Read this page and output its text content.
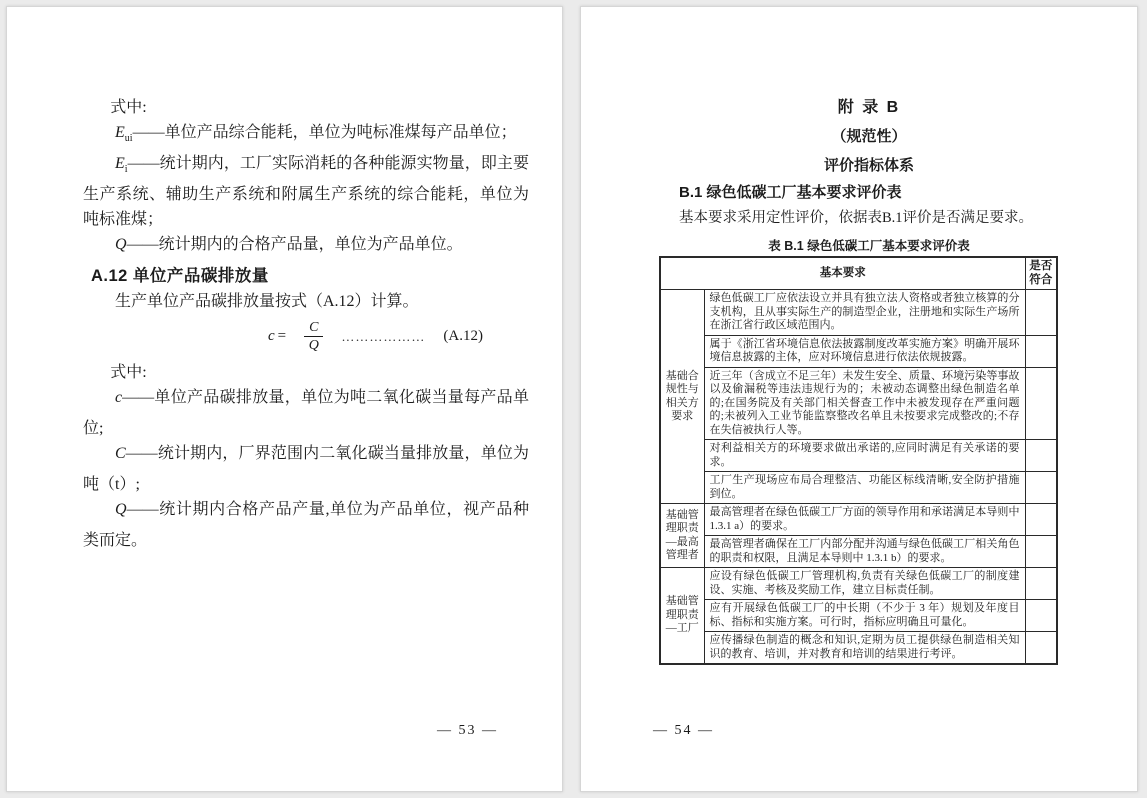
式中:

$E_{ui}——$单位产品综合能耗，单位为吨标准煤每产品单位；

$E_i——$统计期内，工厂实际消耗的各种能源实物量，即主要生产系统、辅助生产系统和附属生产系统的综合能耗，单位为吨标准煤；

Q——统计期内的合格产品量，单位为产品单位。

A.12 单位产品碳排放量

生产单位产品碳排放量按式（A.12）计算。

$c = \frac{C}{Q}$ ……………… (A.12)

式中:

c——单位产品碳排放量，单位为吨二氧化碳当量每产品单位;

C——统计期内，厂界范围内二氧化碳当量排放量，单位为吨（t）;

Q——统计期内合格产品产量,单位为产品单位，视产品种类而定。

— 53 —
附 录 B
（规范性）
评价指标体系
B.1 绿色低碳工厂基本要求评价表

基本要求采用定性评价，依据表B.1评价是否满足要求。

表 B.1 绿色低碳工厂基本要求评价表
基本要求		是否符合
基础合规性与相关方要求	绿色低碳工厂应依法设立并具有独立法人资格或者独立核算的分支机构，且从事实际生产的制造型企业，注册地和实际生产场所在浙江省行政区域范围内。	
	属于《浙江省环境信息依法披露制度改革实施方案》明确开展环境信息披露的主体，应对环境信息进行依法依规披露。	
	近三年（含成立不足三年）未发生安全、质量、环境污染等事故以及偷漏税等违法违规行为的；未被动态调整出绿色制造名单的;在国务院及有关部门相关督查工作中未被发现存在严重问题的;未被列入工业节能监察整改名单且未按要求完成整改的;不存在失信被执行人等。	
	对利益相关方的环境要求做出承诺的,应同时满足有关承诺的要求。	
	工厂生产现场应布局合理整洁、功能区标线清晰,安全防护措施到位。	
基础管理职责—最高管理者	最高管理者在绿色低碳工厂方面的领导作用和承诺满足本导则中 1.3.1 a）的要求。	
	最高管理者确保在工厂内部分配并沟通与绿色低碳工厂相关角色的职责和权限，且满足本导则中 1.3.1 b）的要求。	
基础管理职责—工厂	应设有绿色低碳工厂管理机构,负责有关绿色低碳工厂的制度建设、实施、考核及奖励工作，建立目标责任制。	
	应有开展绿色低碳工厂的中长期（不少于 3 年）规划及年度目标、指标和实施方案。可行时，指标应明确且可量化。	
	应传播绿色制造的概念和知识,定期为员工提供绿色制造相关知识的教育、培训，并对教育和培训的结果进行考评。	
— 54 —
